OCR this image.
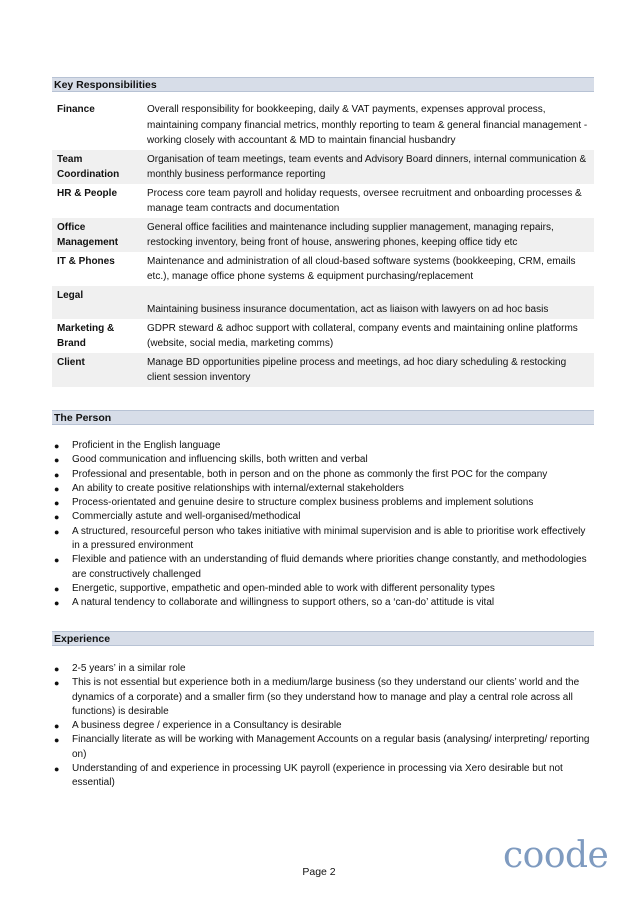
Key Responsibilities
Finance	Overall responsibility for bookkeeping, daily & VAT payments, expenses approval process, maintaining company financial metrics, monthly reporting to team & general financial management - working closely with accountant & MD to maintain financial husbandry
Team Coordination	Organisation of team meetings, team events and Advisory Board dinners, internal communication & monthly business performance reporting
HR & People	Process core team payroll and holiday requests, oversee recruitment and onboarding processes & manage team contracts and documentation
Office Management	General office facilities and maintenance including supplier management, managing repairs, restocking inventory, being front of house, answering phones, keeping office tidy etc
IT & Phones	Maintenance and administration of all cloud-based software systems (bookkeeping, CRM, emails etc.), manage office phone systems & equipment purchasing/replacement
Legal	Maintaining business insurance documentation, act as liaison with lawyers on ad hoc basis
Marketing & Brand	GDPR steward & adhoc support with collateral, company events and maintaining online platforms (website, social media, marketing comms)
Client	Manage BD opportunities pipeline process and meetings, ad hoc diary scheduling & restocking client session inventory
The Person
● Proficient in the English language
● Good communication and influencing skills, both written and verbal
● Professional and presentable, both in person and on the phone as commonly the first POC for the company
● An ability to create positive relationships with internal/external stakeholders
● Process-orientated and genuine desire to structure complex business problems and implement solutions
● Commercially astute and well-organised/methodical
● A structured, resourceful person who takes initiative with minimal supervision and is able to prioritise work effectively in a pressured environment
● Flexible and patience with an understanding of fluid demands where priorities change constantly, and methodologies are constructively challenged
● Energetic, supportive, empathetic and open-minded able to work with different personality types
● A natural tendency to collaborate and willingness to support others, so a ‘can-do’ attitude is vital
Experience
● 2-5 years’ in a similar role
● This is not essential but experience both in a medium/large business (so they understand our clients’ world and the dynamics of a corporate) and a smaller firm (so they understand how to manage and play a central role across all functions) is desirable
● A business degree / experience in a Consultancy is desirable
● Financially literate as will be working with Management Accounts on a regular basis (analysing/ interpreting/ reporting on)
● Understanding of and experience in processing UK payroll (experience in processing via Xero desirable but not essential)
Page 2	coode
